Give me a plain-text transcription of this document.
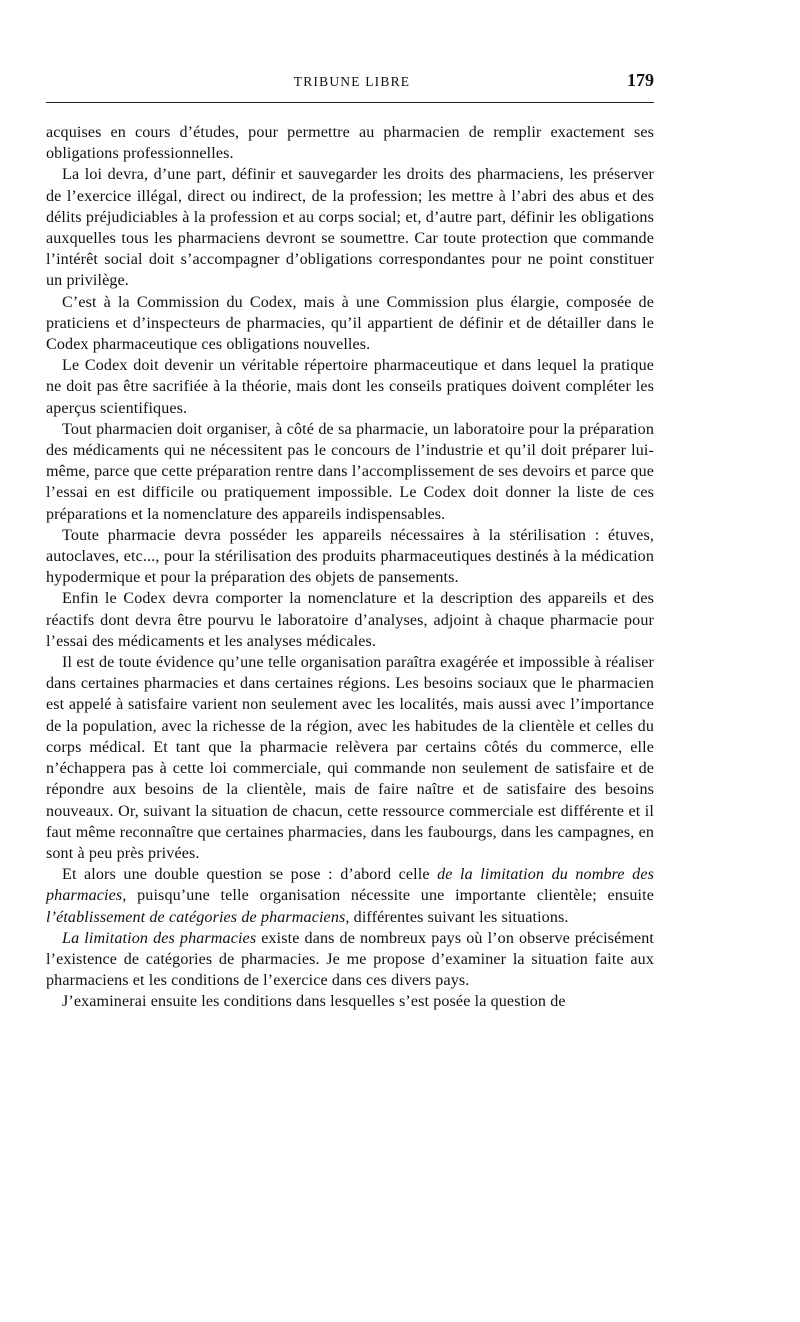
TRIBUNE LIBRE	179

acquises en cours d’études, pour permettre au pharmacien de remplir exactement ses obligations professionnelles.

La loi devra, d’une part, définir et sauvegarder les droits des pharmaciens, les préserver de l’exercice illégal, direct ou indirect, de la profession; les mettre à l’abri des abus et des délits préjudiciables à la profession et au corps social; et, d’autre part, définir les obligations auxquelles tous les pharmaciens devront se soumettre. Car toute protection que commande l’intérêt social doit s’accompagner d’obligations correspondantes pour ne point constituer un privilège.

C’est à la Commission du Codex, mais à une Commission plus élargie, composée de praticiens et d’inspecteurs de pharmacies, qu’il appartient de définir et de détailler dans le Codex pharmaceutique ces obligations nouvelles.

Le Codex doit devenir un véritable répertoire pharmaceutique et dans lequel la pratique ne doit pas être sacrifiée à la théorie, mais dont les conseils pratiques doivent compléter les aperçus scientifiques.

Tout pharmacien doit organiser, à côté de sa pharmacie, un laboratoire pour la préparation des médicaments qui ne nécessitent pas le concours de l’industrie et qu’il doit préparer lui-même, parce que cette préparation rentre dans l’accomplissement de ses devoirs et parce que l’essai en est difficile ou pratiquement impossible. Le Codex doit donner la liste de ces préparations et la nomenclature des appareils indispensables.

Toute pharmacie devra posséder les appareils nécessaires à la stérilisation : étuves, autoclaves, etc..., pour la stérilisation des produits pharmaceutiques destinés à la médication hypodermique et pour la préparation des objets de pansements.

Enfin le Codex devra comporter la nomenclature et la description des appareils et des réactifs dont devra être pourvu le laboratoire d’analyses, adjoint à chaque pharmacie pour l’essai des médicaments et les analyses médicales.

Il est de toute évidence qu’une telle organisation paraîtra exagérée et impossible à réaliser dans certaines pharmacies et dans certaines régions. Les besoins sociaux que le pharmacien est appelé à satisfaire varient non seulement avec les localités, mais aussi avec l’importance de la population, avec la richesse de la région, avec les habitudes de la clientèle et celles du corps médical. Et tant que la pharmacie relèvera par certains côtés du commerce, elle n’échappera pas à cette loi commerciale, qui commande non seulement de satisfaire et de répondre aux besoins de la clientèle, mais de faire naître et de satisfaire des besoins nouveaux. Or, suivant la situation de chacun, cette ressource commerciale est différente et il faut même reconnaître que certaines pharmacies, dans les faubourgs, dans les campagnes, en sont à peu près privées.

Et alors une double question se pose : d’abord celle de la limitation du nombre des pharmacies, puisqu’une telle organisation nécessite une importante clientèle; ensuite l’établissement de catégories de pharmaciens, différentes suivant les situations.

La limitation des pharmacies existe dans de nombreux pays où l’on observe précisément l’existence de catégories de pharmacies. Je me propose d’examiner la situation faite aux pharmaciens et les conditions de l’exercice dans ces divers pays.

J’examinerai ensuite les conditions dans lesquelles s’est posée la question de
